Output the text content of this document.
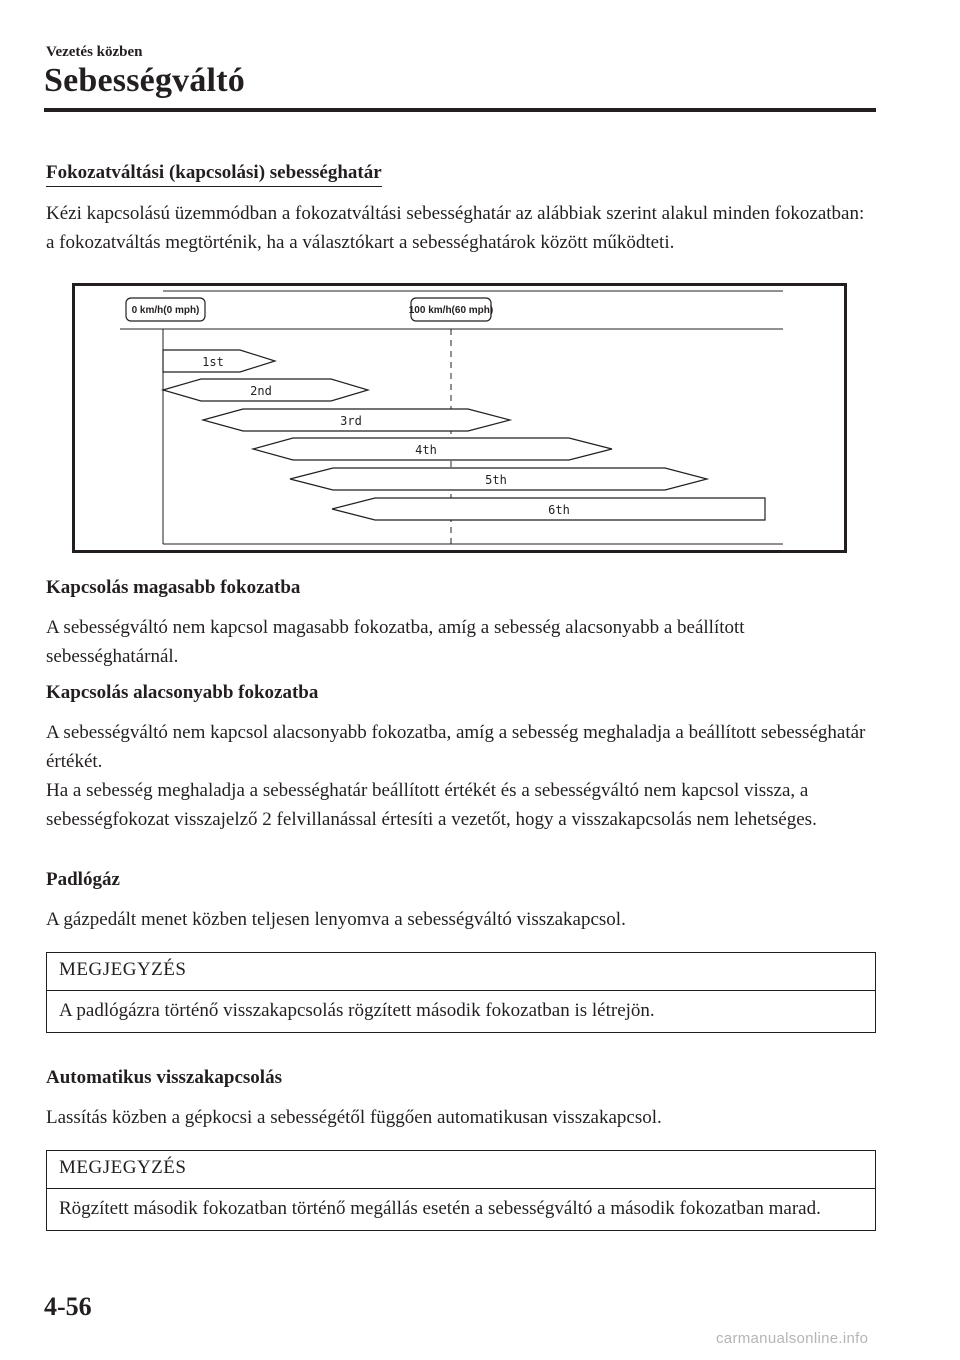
Vezetés közben
Sebességváltó
Fokozatváltási (kapcsolási) sebességhatár
Kézi kapcsolású üzemmódban a fokozatváltási sebességhatár az alábbiak szerint alakul minden fokozatban: a fokozatváltás megtörténik, ha a választókart a sebességhatárok között működteti.
0 km/h(0 mph)	100 km/h(60 mph)
1st
2nd
3rd
4th
5th
6th
Kapcsolás magasabb fokozatba
A sebességváltó nem kapcsol magasabb fokozatba, amíg a sebesség alacsonyabb a beállított sebességhatárnál.
Kapcsolás alacsonyabb fokozatba
A sebességváltó nem kapcsol alacsonyabb fokozatba, amíg a sebesség meghaladja a beállított sebességhatár értékét.
Ha a sebesség meghaladja a sebességhatár beállított értékét és a sebességváltó nem kapcsol vissza, a sebességfokozat visszajelző 2 felvillanással értesíti a vezetőt, hogy a visszakapcsolás nem lehetséges.
Padlógáz
A gázpedált menet közben teljesen lenyomva a sebességváltó visszakapcsol.
MEGJEGYZÉS
A padlógázra történő visszakapcsolás rögzített második fokozatban is létrejön.
Automatikus visszakapcsolás
Lassítás közben a gépkocsi a sebességétől függően automatikusan visszakapcsol.
MEGJEGYZÉS
Rögzített második fokozatban történő megállás esetén a sebességváltó a második fokozatban marad.
4-56
carmanualsonline.info
